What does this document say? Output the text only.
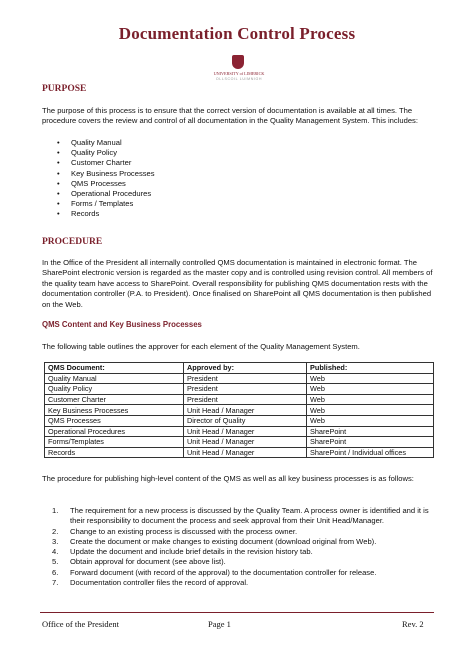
Documentation Control Process
UNIVERSITY of LIMERICK
OLLSCOIL LUIMNIGH
PURPOSE
The purpose of this process is to ensure that the correct version of documentation is available at all times. The procedure covers the review and control of all documentation in the Quality Management System. This includes:
• Quality Manual
• Quality Policy
• Customer Charter
• Key Business Processes
• QMS Processes
• Operational Procedures
• Forms / Templates
• Records
PROCEDURE
In the Office of the President all internally controlled QMS documentation is maintained in electronic format. The SharePoint electronic version is regarded as the master copy and is controlled using revision control. All members of the quality team have access to SharePoint. Overall responsibility for publishing QMS documentation rests with the documentation controller (P.A. to President). Once finalised on SharePoint all QMS documentation is then published on the Web.
QMS Content and Key Business Processes
The following table outlines the approver for each element of the Quality Management System.
QMS Document:	Approved by:	Published:
Quality Manual	President	Web
Quality Policy	President	Web
Customer Charter	President	Web
Key Business Processes	Unit Head / Manager	Web
QMS Processes	Director of Quality	Web
Operational Procedures	Unit Head / Manager	SharePoint
Forms/Templates	Unit Head / Manager	SharePoint
Records	Unit Head / Manager	SharePoint / Individual offices
The procedure for publishing high-level content of the QMS as well as all key business processes is as follows:
1. The requirement for a new process is discussed by the Quality Team. A process owner is identified and it is their responsibility to document the process and seek approval from their Unit Head/Manager.
2. Change to an existing process is discussed with the process owner.
3. Create the document or make changes to existing document (download original from Web).
4. Update the document and include brief details in the revision history tab.
5. Obtain approval for document (see above list).
6. Forward document (with record of the approval) to the documentation controller for release.
7. Documentation controller files the record of approval.
Office of the President	Page 1	Rev. 2
